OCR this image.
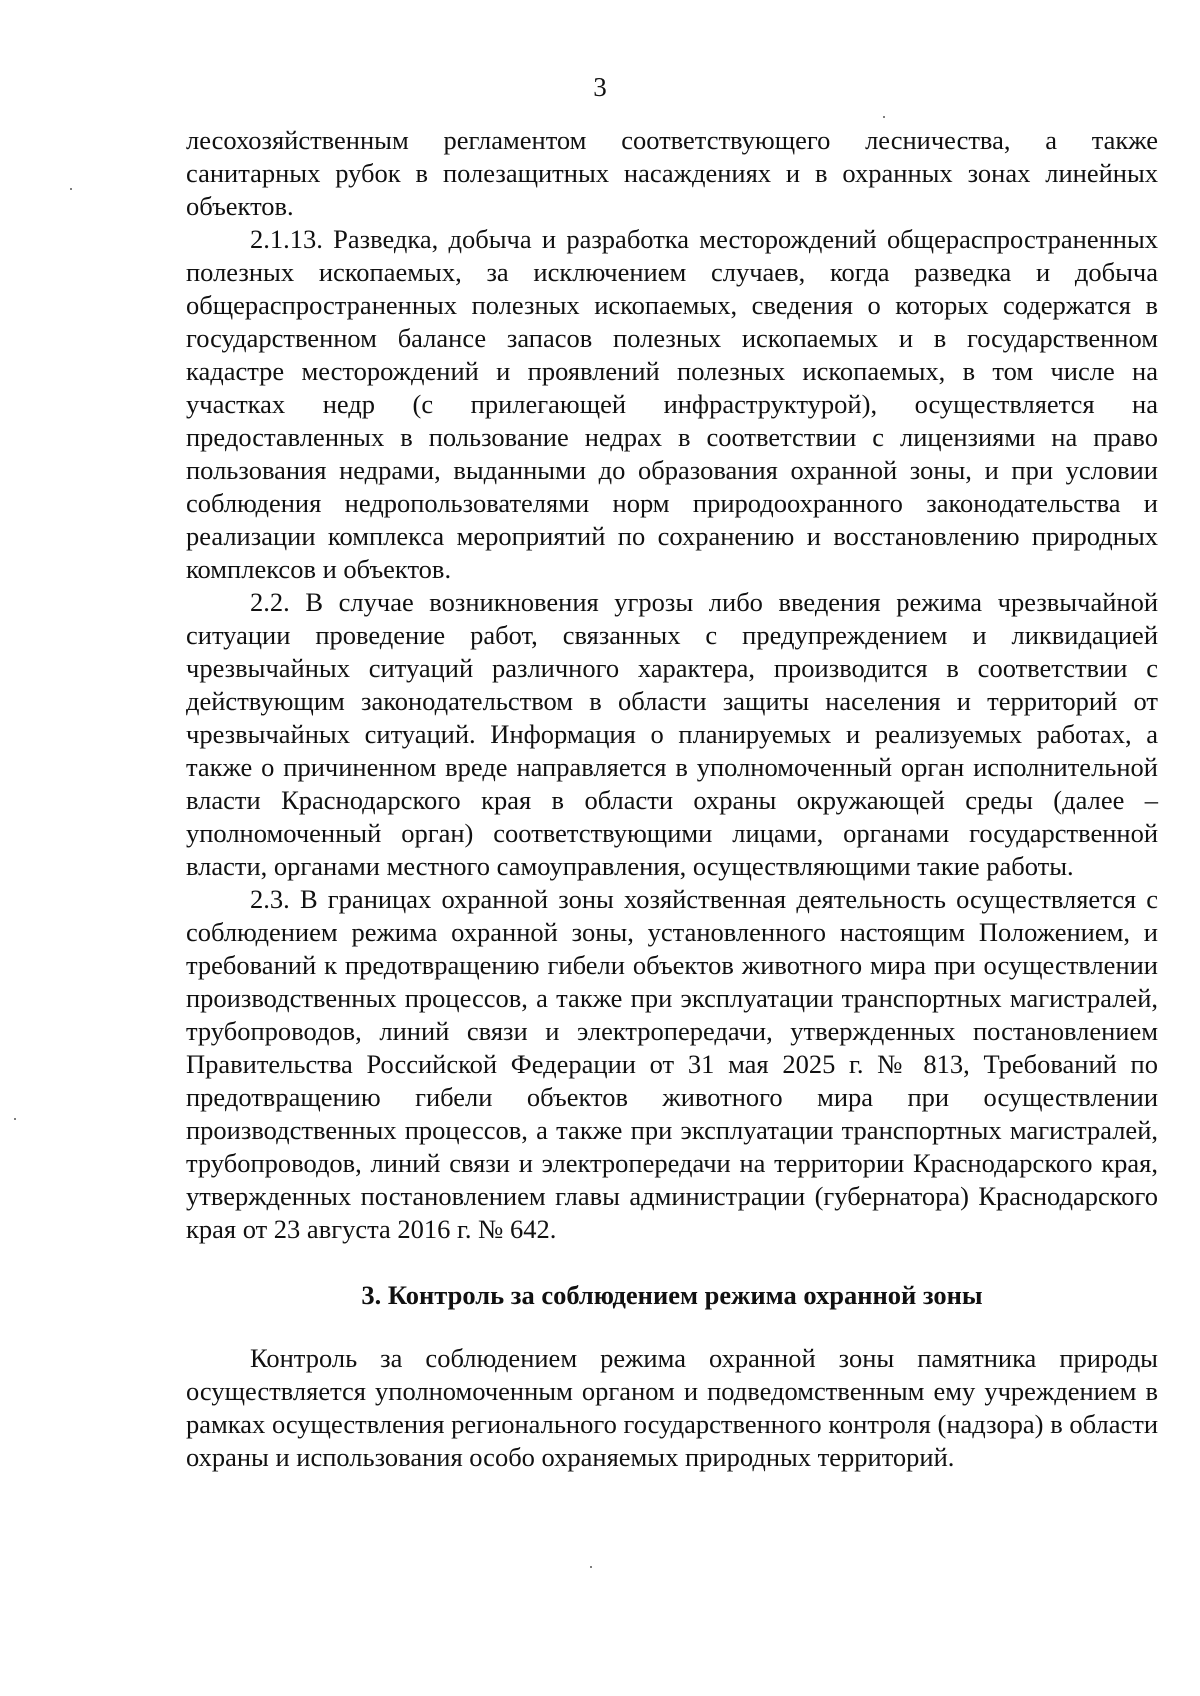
3

лесохозяйственным регламентом соответствующего лесничества, а также санитарных рубок в полезащитных насаждениях и в охранных зонах линейных объектов.

2.1.13. Разведка, добыча и разработка месторождений общераспространенных полезных ископаемых, за исключением случаев, когда разведка и добыча общераспространенных полезных ископаемых, сведения о которых содержатся в государственном балансе запасов полезных ископаемых и в государственном кадастре месторождений и проявлений полезных ископаемых, в том числе на участках недр (с прилегающей инфраструктурой), осуществляется на предоставленных в пользование недрах в соответствии с лицензиями на право пользования недрами, выданными до образования охранной зоны, и при условии соблюдения недропользователями норм природоохранного законодательства и реализации комплекса мероприятий по сохранению и восстановлению природных комплексов и объектов.

2.2. В случае возникновения угрозы либо введения режима чрезвычайной ситуации проведение работ, связанных с предупреждением и ликвидацией чрезвычайных ситуаций различного характера, производится в соответствии с действующим законодательством в области защиты населения и территорий от чрезвычайных ситуаций. Информация о планируемых и реализуемых работах, а также о причиненном вреде направляется в уполномоченный орган исполнительной власти Краснодарского края в области охраны окружающей среды (далее – уполномоченный орган) соответствующими лицами, органами государственной власти, органами местного самоуправления, осуществляющими такие работы.

2.3. В границах охранной зоны хозяйственная деятельность осуществляется с соблюдением режима охранной зоны, установленного настоящим Положением, и требований к предотвращению гибели объектов животного мира при осуществлении производственных процессов, а также при эксплуатации транспортных магистралей, трубопроводов, линий связи и электропередачи, утвержденных постановлением Правительства Российской Федерации от 31 мая 2025 г. № 813, Требований по предотвращению гибели объектов животного мира при осуществлении производственных процессов, а также при эксплуатации транспортных магистралей, трубопроводов, линий связи и электропередачи на территории Краснодарского края, утвержденных постановлением главы администрации (губернатора) Краснодарского края от 23 августа 2016 г. № 642.

3. Контроль за соблюдением режима охранной зоны

Контроль за соблюдением режима охранной зоны памятника природы осуществляется уполномоченным органом и подведомственным ему учреждением в рамках осуществления регионального государственного контроля (надзора) в области охраны и использования особо охраняемых природных территорий.
